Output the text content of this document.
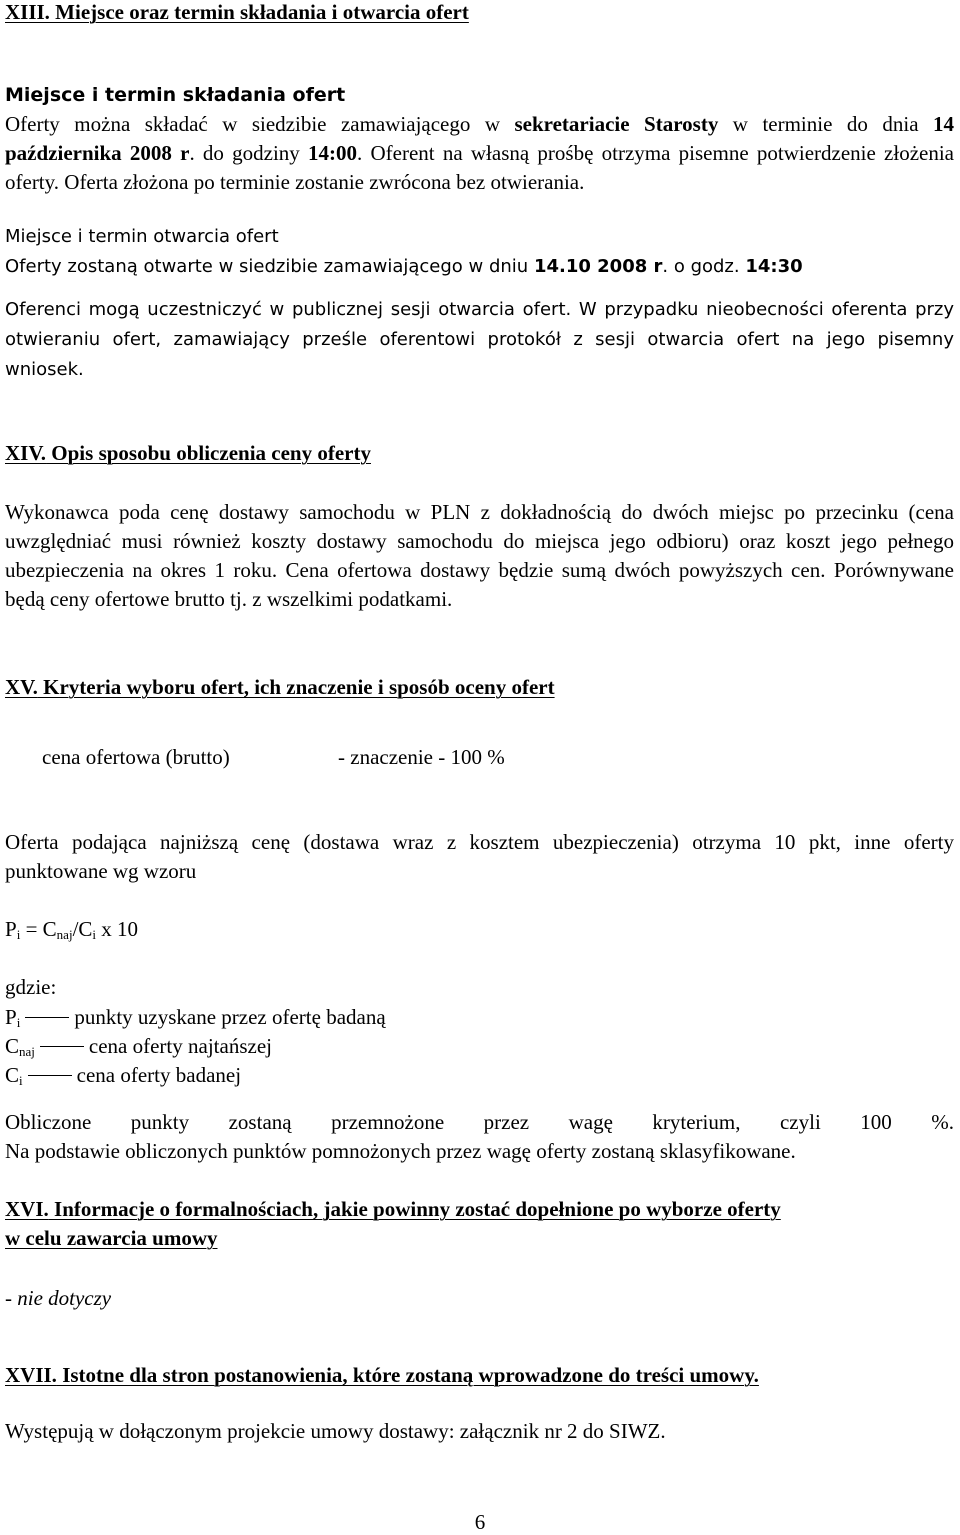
XIII. Miejsce oraz termin składania i otwarcia ofert
Miejsce i termin składania ofert
Oferty można składać w siedzibie zamawiającego w sekretariacie Starosty w terminie do dnia 14 października 2008 r. do godziny 14:00. Oferent na własną prośbę otrzyma pisemne potwierdzenie złożenia oferty. Oferta złożona po terminie zostanie zwrócona bez otwierania.
Miejsce i termin otwarcia ofert
Oferty zostaną otwarte w siedzibie zamawiającego w dniu 14.10 2008 r. o godz. 14:30
Oferenci mogą uczestniczyć w publicznej sesji otwarcia ofert. W przypadku nieobecności oferenta przy otwieraniu ofert, zamawiający prześle oferentowi protokół z sesji otwarcia ofert na jego pisemny wniosek.
XIV. Opis sposobu obliczenia ceny oferty
Wykonawca poda cenę dostawy samochodu w PLN z dokładnością do dwóch miejsc po przecinku (cena uwzględniać musi również koszty dostawy samochodu do miejsca jego odbioru) oraz koszt jego pełnego ubezpieczenia na okres 1 roku. Cena ofertowa dostawy będzie sumą dwóch powyższych cen. Porównywane będą ceny ofertowe brutto tj. z wszelkimi podatkami.
XV. Kryteria wyboru ofert, ich znaczenie i sposób oceny ofert
cena ofertowa (brutto)	- znaczenie - 100 %
Oferta podająca najniższą cenę (dostawa wraz z kosztem ubezpieczenia) otrzyma 10 pkt, inne oferty punktowane wg wzoru
$P_i = C_{naj}/C_i$ x 10
gdzie:
$P_i$	punkty uzyskane przez ofertę badaną
$C_{naj}$	cena oferty najtańszej
$C_i$	cena oferty badanej
Obliczone punkty zostaną przemnożone przez wagę kryterium, czyli 100 %.
Na podstawie obliczonych punktów pomnożonych przez wagę oferty zostaną sklasyfikowane.
XVI. Informacje o formalnościach, jakie powinny zostać dopełnione po wyborze oferty
w celu zawarcia umowy
- nie dotyczy
XVII. Istotne dla stron postanowienia, które zostaną wprowadzone do treści umowy.
Występują w dołączonym projekcie umowy dostawy: załącznik nr 2 do SIWZ.
6
